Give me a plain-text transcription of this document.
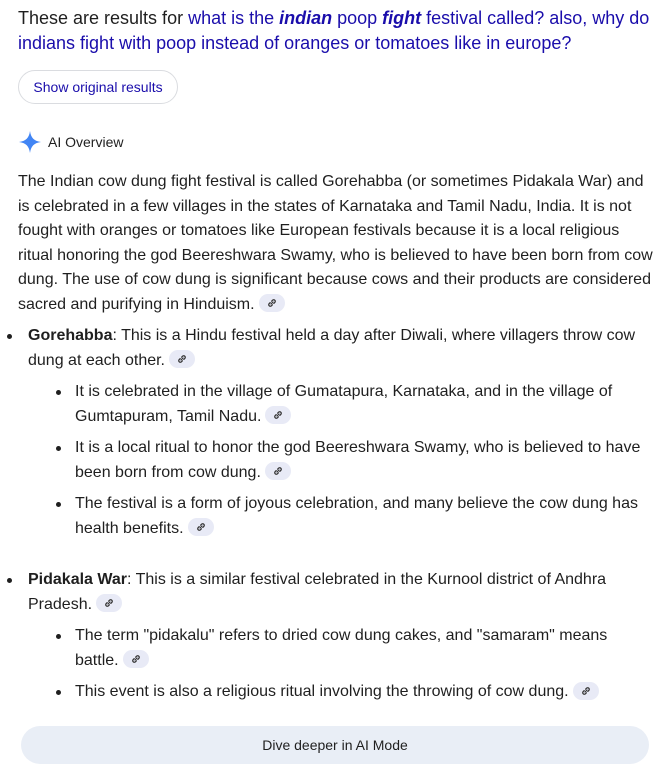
These are results for what is the indian poop fight festival called? also, why do indians fight with poop instead of oranges or tomatoes like in europe?
Show original results
AI Overview
The Indian cow dung fight festival is called Gorehabba (or sometimes Pidakala War) and is celebrated in a few villages in the states of Karnataka and Tamil Nadu, India. It is not fought with oranges or tomatoes like European festivals because it is a local religious ritual honoring the god Beereshwara Swamy, who is believed to have been born from cow dung. The use of cow dung is significant because cows and their products are considered sacred and purifying in Hinduism.
Gorehabba: This is a Hindu festival held a day after Diwali, where villagers throw cow dung at each other.
It is celebrated in the village of Gumatapura, Karnataka, and in the village of Gumtapuram, Tamil Nadu.
It is a local ritual to honor the god Beereshwara Swamy, who is believed to have been born from cow dung.
The festival is a form of joyous celebration, and many believe the cow dung has health benefits.
Pidakala War: This is a similar festival celebrated in the Kurnool district of Andhra Pradesh.
The term "pidakalu" refers to dried cow dung cakes, and "samaram" means battle.
This event is also a religious ritual involving the throwing of cow dung.
Dive deeper in AI Mode
